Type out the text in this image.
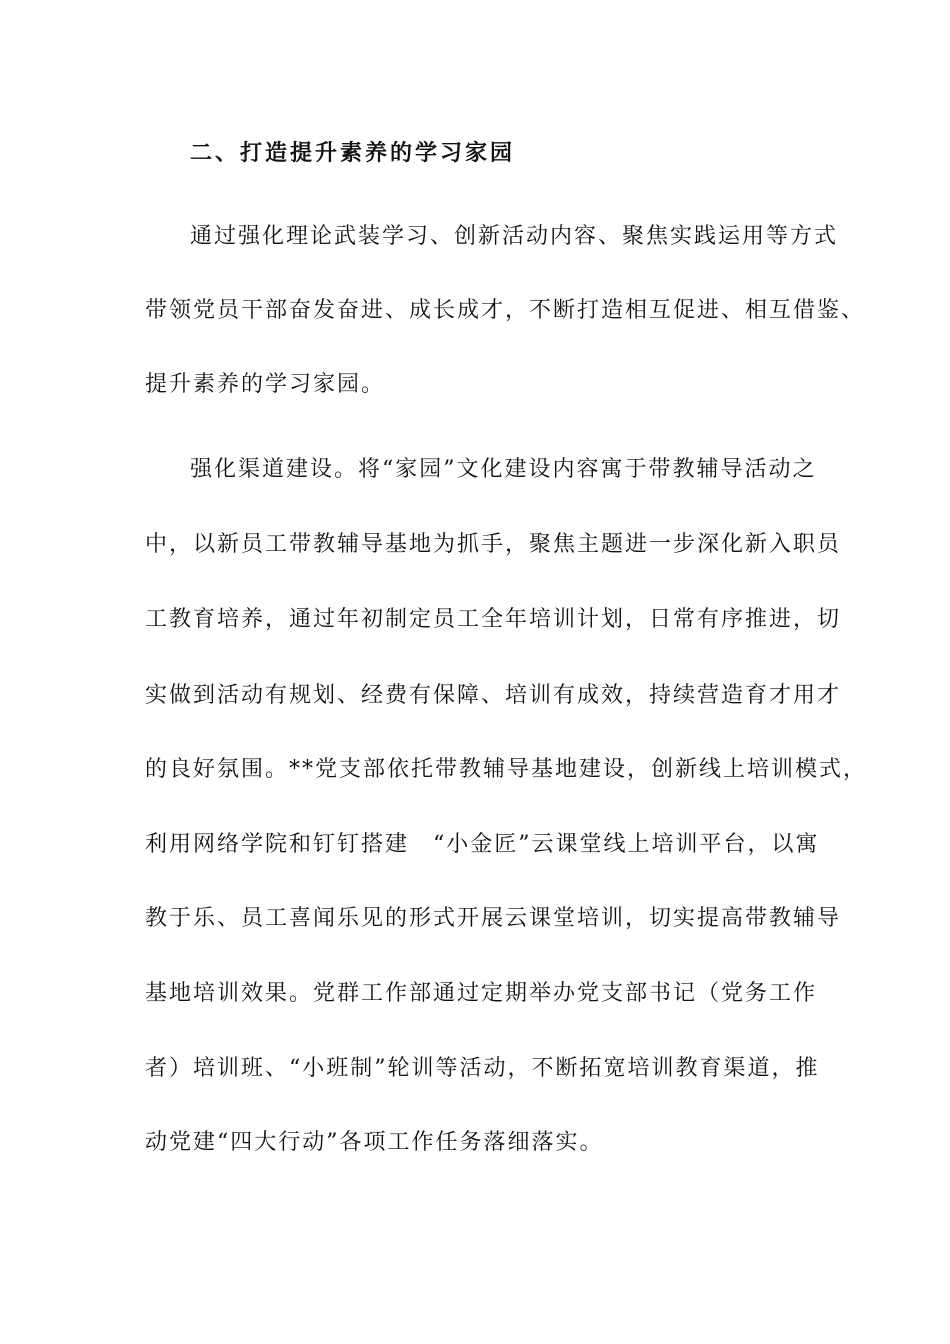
二、打造提升素养的学习家园
通过强化理论武装学习、创新活动内容、聚焦实践运用等方式
带领党员干部奋发奋进、成长成才，不断打造相互促进、相互借鉴、
提升素养的学习家园。
强化渠道建设。将“家园”文化建设内容寓于带教辅导活动之
中，以新员工带教辅导基地为抓手，聚焦主题进一步深化新入职员
工教育培养，通过年初制定员工全年培训计划，日常有序推进，切
实做到活动有规划、经费有保障、培训有成效，持续营造育才用才
的良好氛围。**党支部依托带教辅导基地建设，创新线上培训模式，
利用网络学院和钉钉搭建　“小金匠”云课堂线上培训平台，以寓
教于乐、员工喜闻乐见的形式开展云课堂培训，切实提高带教辅导
基地培训效果。党群工作部通过定期举办党支部书记（党务工作
者）培训班、“小班制”轮训等活动，不断拓宽培训教育渠道，推
动党建“四大行动”各项工作任务落细落实。
